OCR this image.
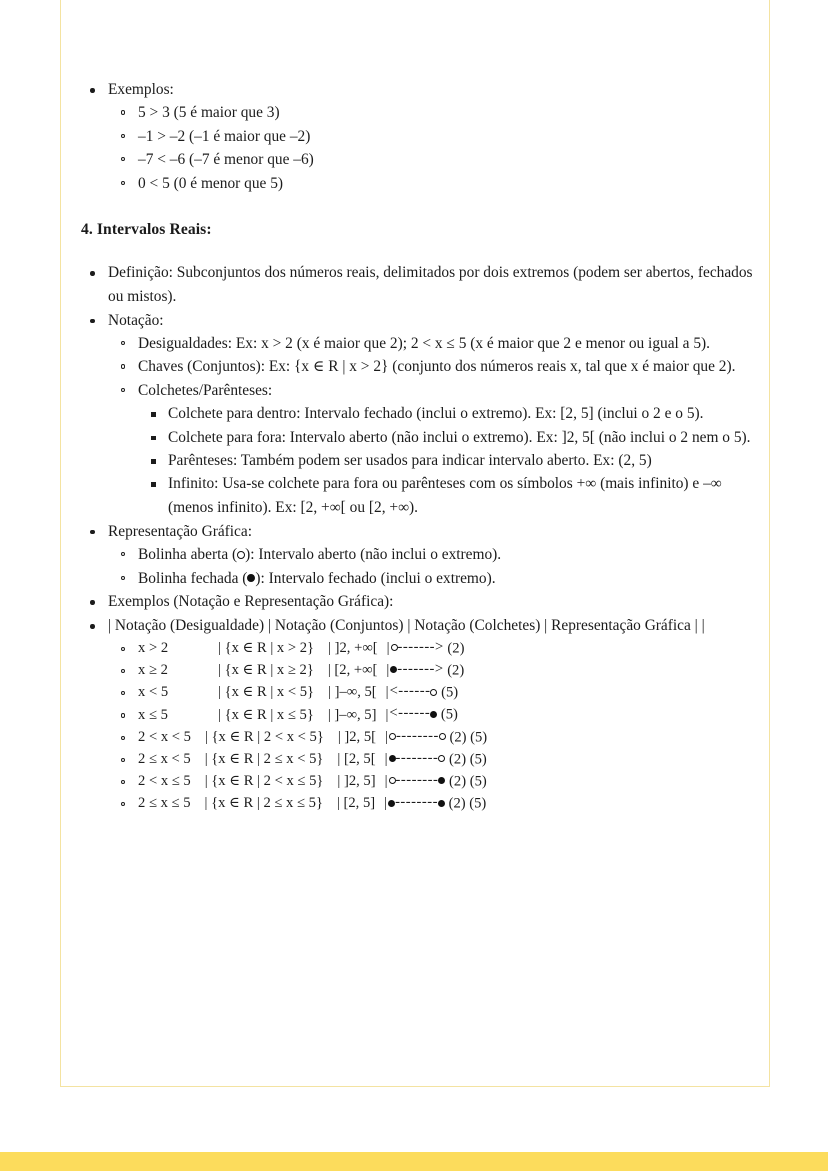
Exemplos:
5 > 3 (5 é maior que 3)
–1 > –2 (–1 é maior que –2)
–7 < –6 (–7 é menor que –6)
0 < 5 (0 é menor que 5)
4. Intervalos Reais:
Definição: Subconjuntos dos números reais, delimitados por dois extremos (podem ser abertos, fechados ou mistos).
Notação:
Desigualdades: Ex: x > 2 (x é maior que 2); 2 < x ≤ 5 (x é maior que 2 e menor ou igual a 5).
Chaves (Conjuntos): Ex: {x ∈ R | x > 2} (conjunto dos números reais x, tal que x é maior que 2).
Colchetes/Parênteses:
Colchete para dentro: Intervalo fechado (inclui o extremo). Ex: [2, 5] (inclui o 2 e o 5).
Colchete para fora: Intervalo aberto (não inclui o extremo). Ex: ]2, 5[ (não inclui o 2 nem o 5).
Parênteses: Também podem ser usados para indicar intervalo aberto. Ex: (2, 5)
Infinito: Usa-se colchete para fora ou parênteses com os símbolos +∞ (mais infinito) e –∞ (menos infinito). Ex: [2, +∞[ ou [2, +∞).
Representação Gráfica:
Bolinha aberta ( ): Intervalo aberto (não inclui o extremo).
Bolinha fechada ( ): Intervalo fechado (inclui o extremo).
Exemplos (Notação e Representação Gráfica):
| Notação (Desigualdade) | Notação (Conjuntos) | Notação (Colchetes) | Representação Gráfica | |
x > 2	| {x ∈ R | x > 2} | ]2, +∞[ | -------> (2)
x ≥ 2	| {x ∈ R | x ≥ 2} | [2, +∞[ | -------> (2)
x < 5	| {x ∈ R | x < 5} | ]–∞, 5[ |<------ (5)
x ≤ 5	| {x ∈ R | x ≤ 5} | ]–∞, 5] |<------ (5)
2 < x < 5 | {x ∈ R | 2 < x < 5} | ]2, 5[ | -------- (2) (5)
2 ≤ x < 5 | {x ∈ R | 2 ≤ x < 5} | [2, 5[ | -------- (2) (5)
2 < x ≤ 5 | {x ∈ R | 2 < x ≤ 5} | ]2, 5] | -------- (2) (5)
2 ≤ x ≤ 5 | {x ∈ R | 2 ≤ x ≤ 5} | [2, 5] | -------- (2) (5)
